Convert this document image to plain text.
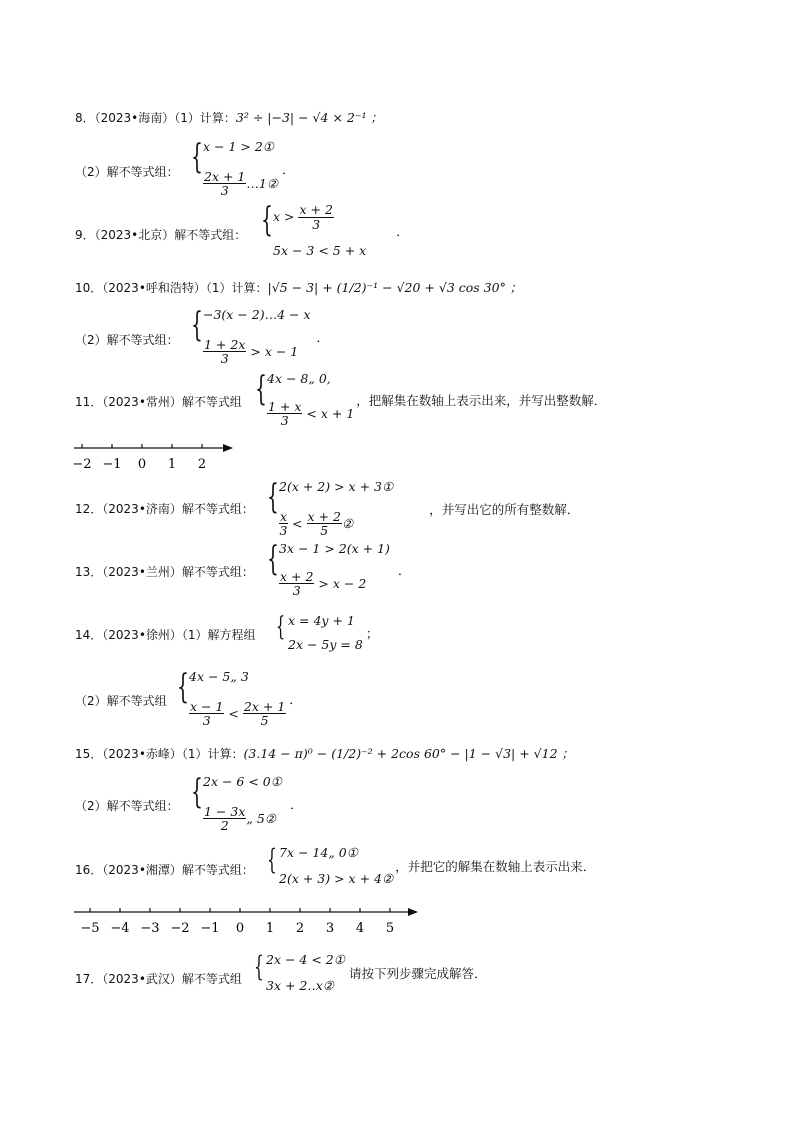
8．（2023•海南）（1）计算：3² ÷ |−3| − √4 × 2⁻¹ ；
（2）解不等式组： { x − 1 > 2①
$\frac{2x + 1}{3}$ …1②
．
9．（2023•北京）解不等式组： { $x > \frac{x + 2}{3}$
5x − 3 < 5 + x
．
10．（2023•呼和浩特）（1）计算：|√5 − 3| + (1/2)⁻¹ − √20 + √3 cos 30° ；
（2）解不等式组： { −3(x − 2)…4 − x
$\frac{1 + 2x}{3} > x - 1$
．
11．（2023•常州）解不等式组 { 4x − 8„ 0,
$\frac{1 + x}{3} < x + 1$
，把解集在数轴上表示出来，并写出整数解．
−2 −1 0 1 2
12．（2023•济南）解不等式组： { 2(x + 2) > x + 3①
$\frac{x}{3} < \frac{x + 2}{5}$ ②
，并写出它的所有整数解．
13．（2023•兰州）解不等式组： { 3x − 1 > 2(x + 1)
$\frac{x + 2}{3} > x - 2$
．
14．（2023•徐州）（1）解方程组 { x = 4y + 1
2x − 5y = 8
；
（2）解不等式组 { 4x − 5„ 3
$\frac{x - 1}{3} < \frac{2x + 1}{5}$ ．
15．（2023•赤峰）（1）计算：(3.14 − π)⁰ − (1/2)⁻² + 2cos 60° − |1 − √3| + √12 ；
（2）解不等式组： { 2x − 6 < 0①
$\frac{1 - 3x}{2}$ „ 5②
．
16．（2023•湘潭）解不等式组： { 7x − 14„ 0①
2(x + 3) > x + 4②
，并把它的解集在数轴上表示出来．
−5 −4 −3 −2 −1 0 1 2 3 4 5
17．（2023•武汉）解不等式组 { 2x − 4 < 2①
3x + 2‥x②
请按下列步骤完成解答．
